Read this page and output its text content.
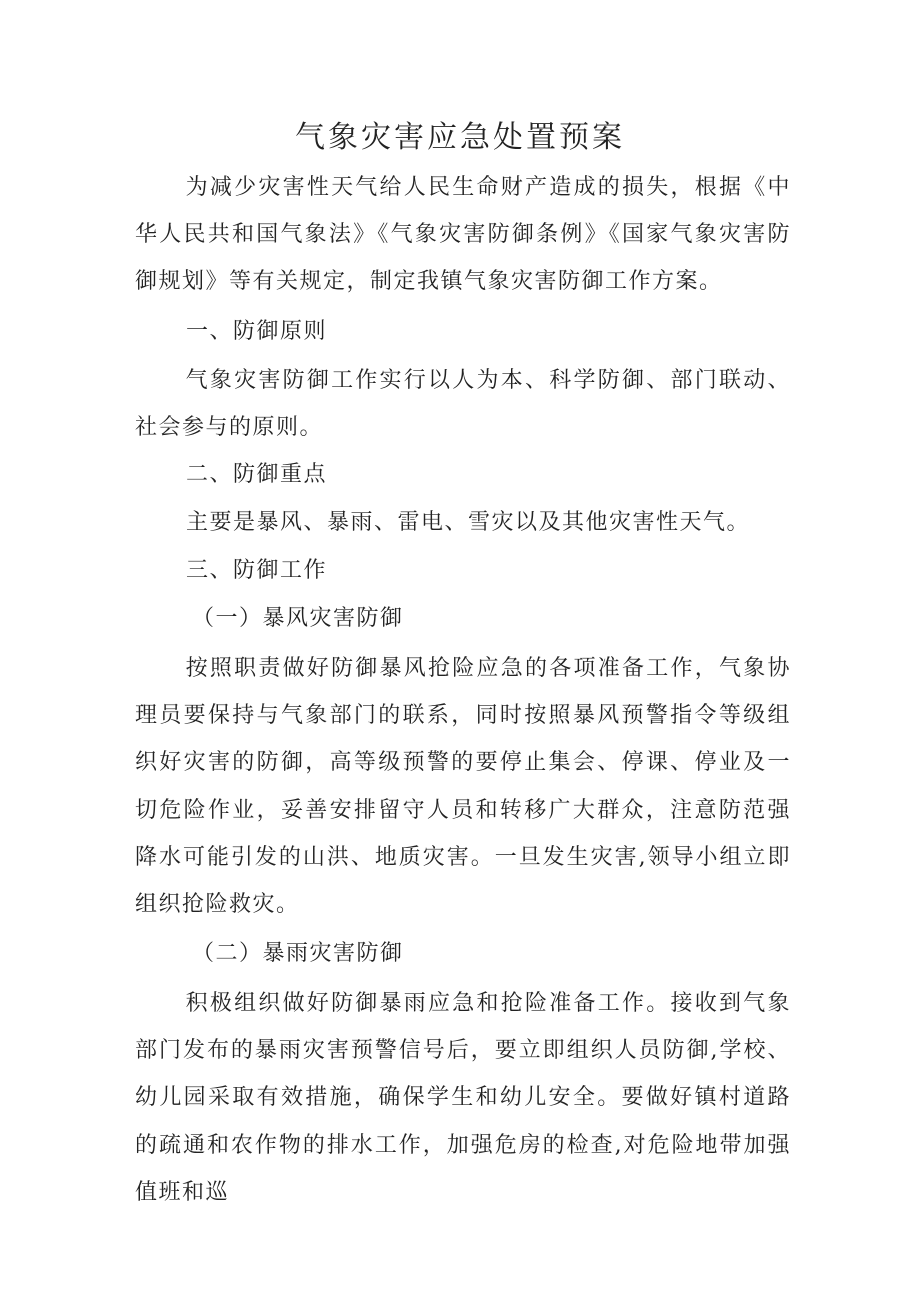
气象灾害应急处置预案

为减少灾害性天气给人民生命财产造成的损失，根据《中华人民共和国气象法》《气象灾害防御条例》《国家气象灾害防御规划》等有关规定，制定我镇气象灾害防御工作方案。

一、防御原则

气象灾害防御工作实行以人为本、科学防御、部门联动、社会参与的原则。

二、防御重点

主要是暴风、暴雨、雷电、雪灾以及其他灾害性天气。

三、防御工作

（一）暴风灾害防御

按照职责做好防御暴风抢险应急的各项准备工作，气象协理员要保持与气象部门的联系，同时按照暴风预警指令等级组织好灾害的防御，高等级预警的要停止集会、停课、停业及一切危险作业，妥善安排留守人员和转移广大群众，注意防范强降水可能引发的山洪、地质灾害。一旦发生灾害,领导小组立即组织抢险救灾。

（二）暴雨灾害防御

积极组织做好防御暴雨应急和抢险准备工作。接收到气象部门发布的暴雨灾害预警信号后，要立即组织人员防御,学校、幼儿园采取有效措施，确保学生和幼儿安全。要做好镇村道路的疏通和农作物的排水工作，加强危房的检查,对危险地带加强值班和巡
